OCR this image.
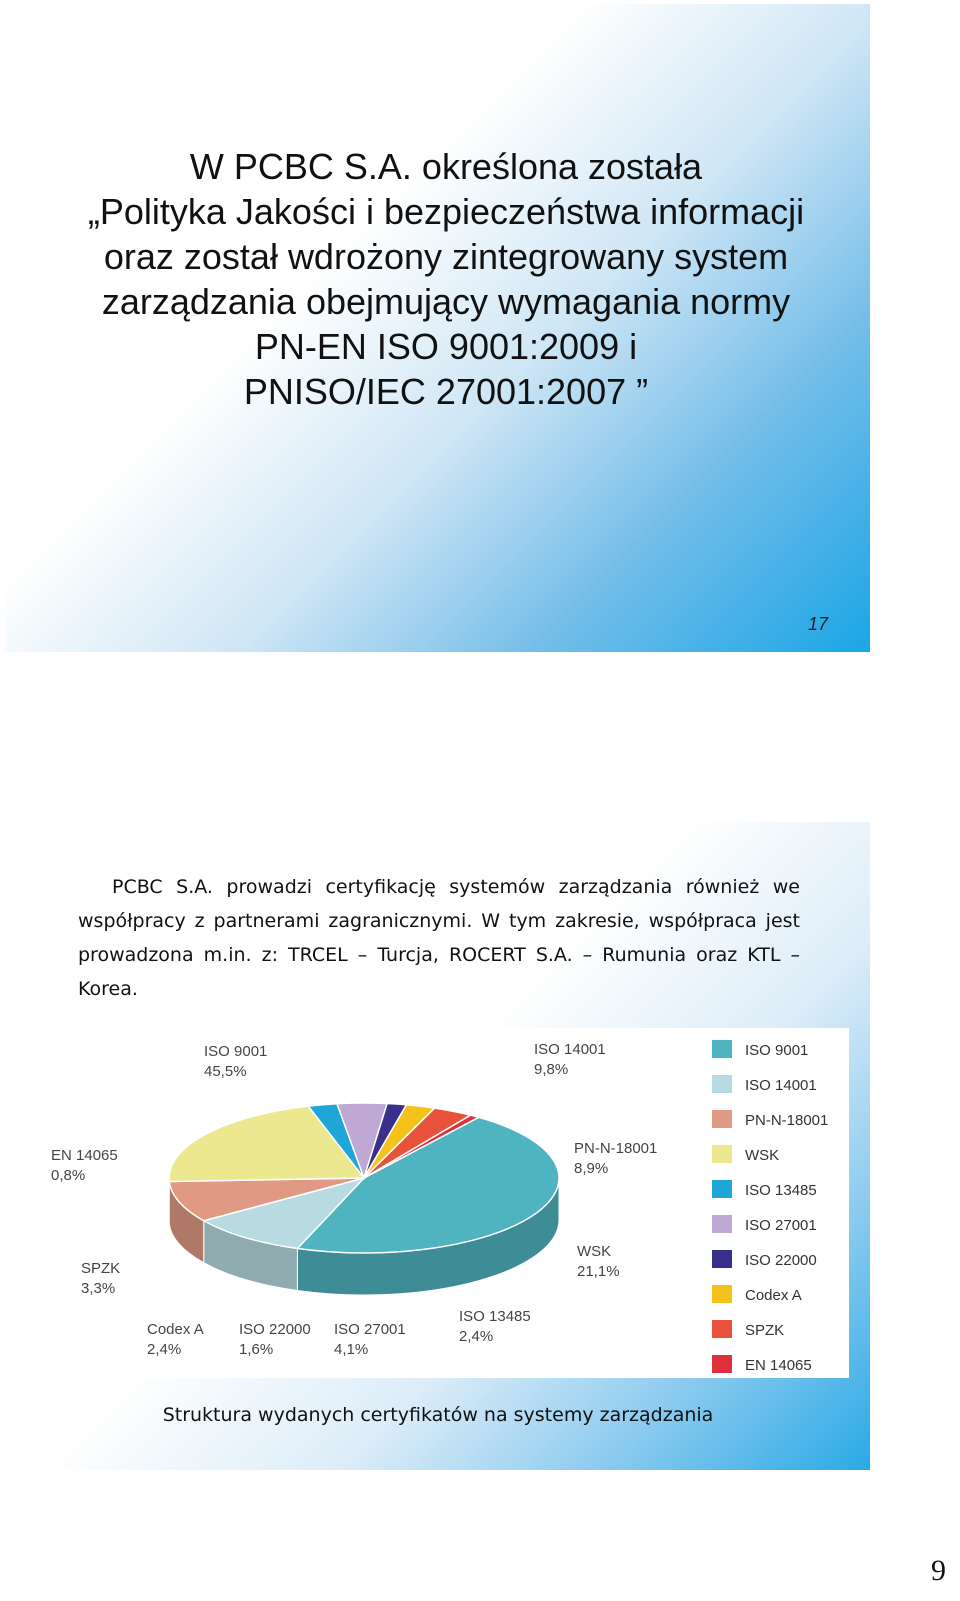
W PCBC S.A. określona została
„Polityka Jakości i bezpieczeństwa informacji
oraz został wdrożony zintegrowany system
zarządzania obejmujący wymagania normy
PN-EN ISO 9001:2009 i
PNISO/IEC 27001:2007 ”
17

PCBC S.A. prowadzi certyfikację systemów zarządzania również we współpracy z partnerami zagranicznymi. W tym zakresie, współpraca jest prowadzona m.in. z: TRCEL – Turcja, ROCERT S.A. – Rumunia oraz KTL – Korea.

ISO 9001
45,5%
ISO 14001
9,8%
PN-N-18001
8,9%
EN 14065
0,8%
WSK
21,1%
SPZK
3,3%
ISO 13485
2,4%
Codex A
2,4%
ISO 22000
1,6%
ISO 27001
4,1%
ISO 9001
ISO 14001
PN-N-18001
WSK
ISO 13485
ISO 27001
ISO 22000
Codex A
SPZK
EN 14065
Struktura wydanych certyfikatów na systemy zarządzania
9
